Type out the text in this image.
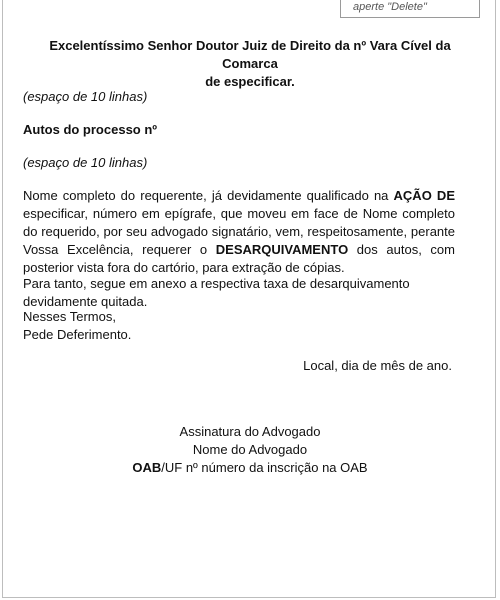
aperte "Delete"
Excelentíssimo Senhor Doutor Juiz de Direito da nº Vara Cível da Comarca
de especificar.
(espaço de 10 linhas)
Autos do processo nº
(espaço de 10 linhas)
Nome completo do requerente, já devidamente qualificado na AÇÃO DE especificar, número em epígrafe, que moveu em face de Nome completo do requerido, por seu advogado signatário, vem, respeitosamente, perante Vossa Excelência, requerer o DESARQUIVAMENTO dos autos, com posterior vista fora do cartório, para extração de cópias.
Para tanto, segue em anexo a respectiva taxa de desarquivamento devidamente quitada.
Nesses Termos,
Pede Deferimento.
Local, dia de mês de ano.
Assinatura do Advogado
Nome do Advogado
OAB/UF nº número da inscrição na OAB
